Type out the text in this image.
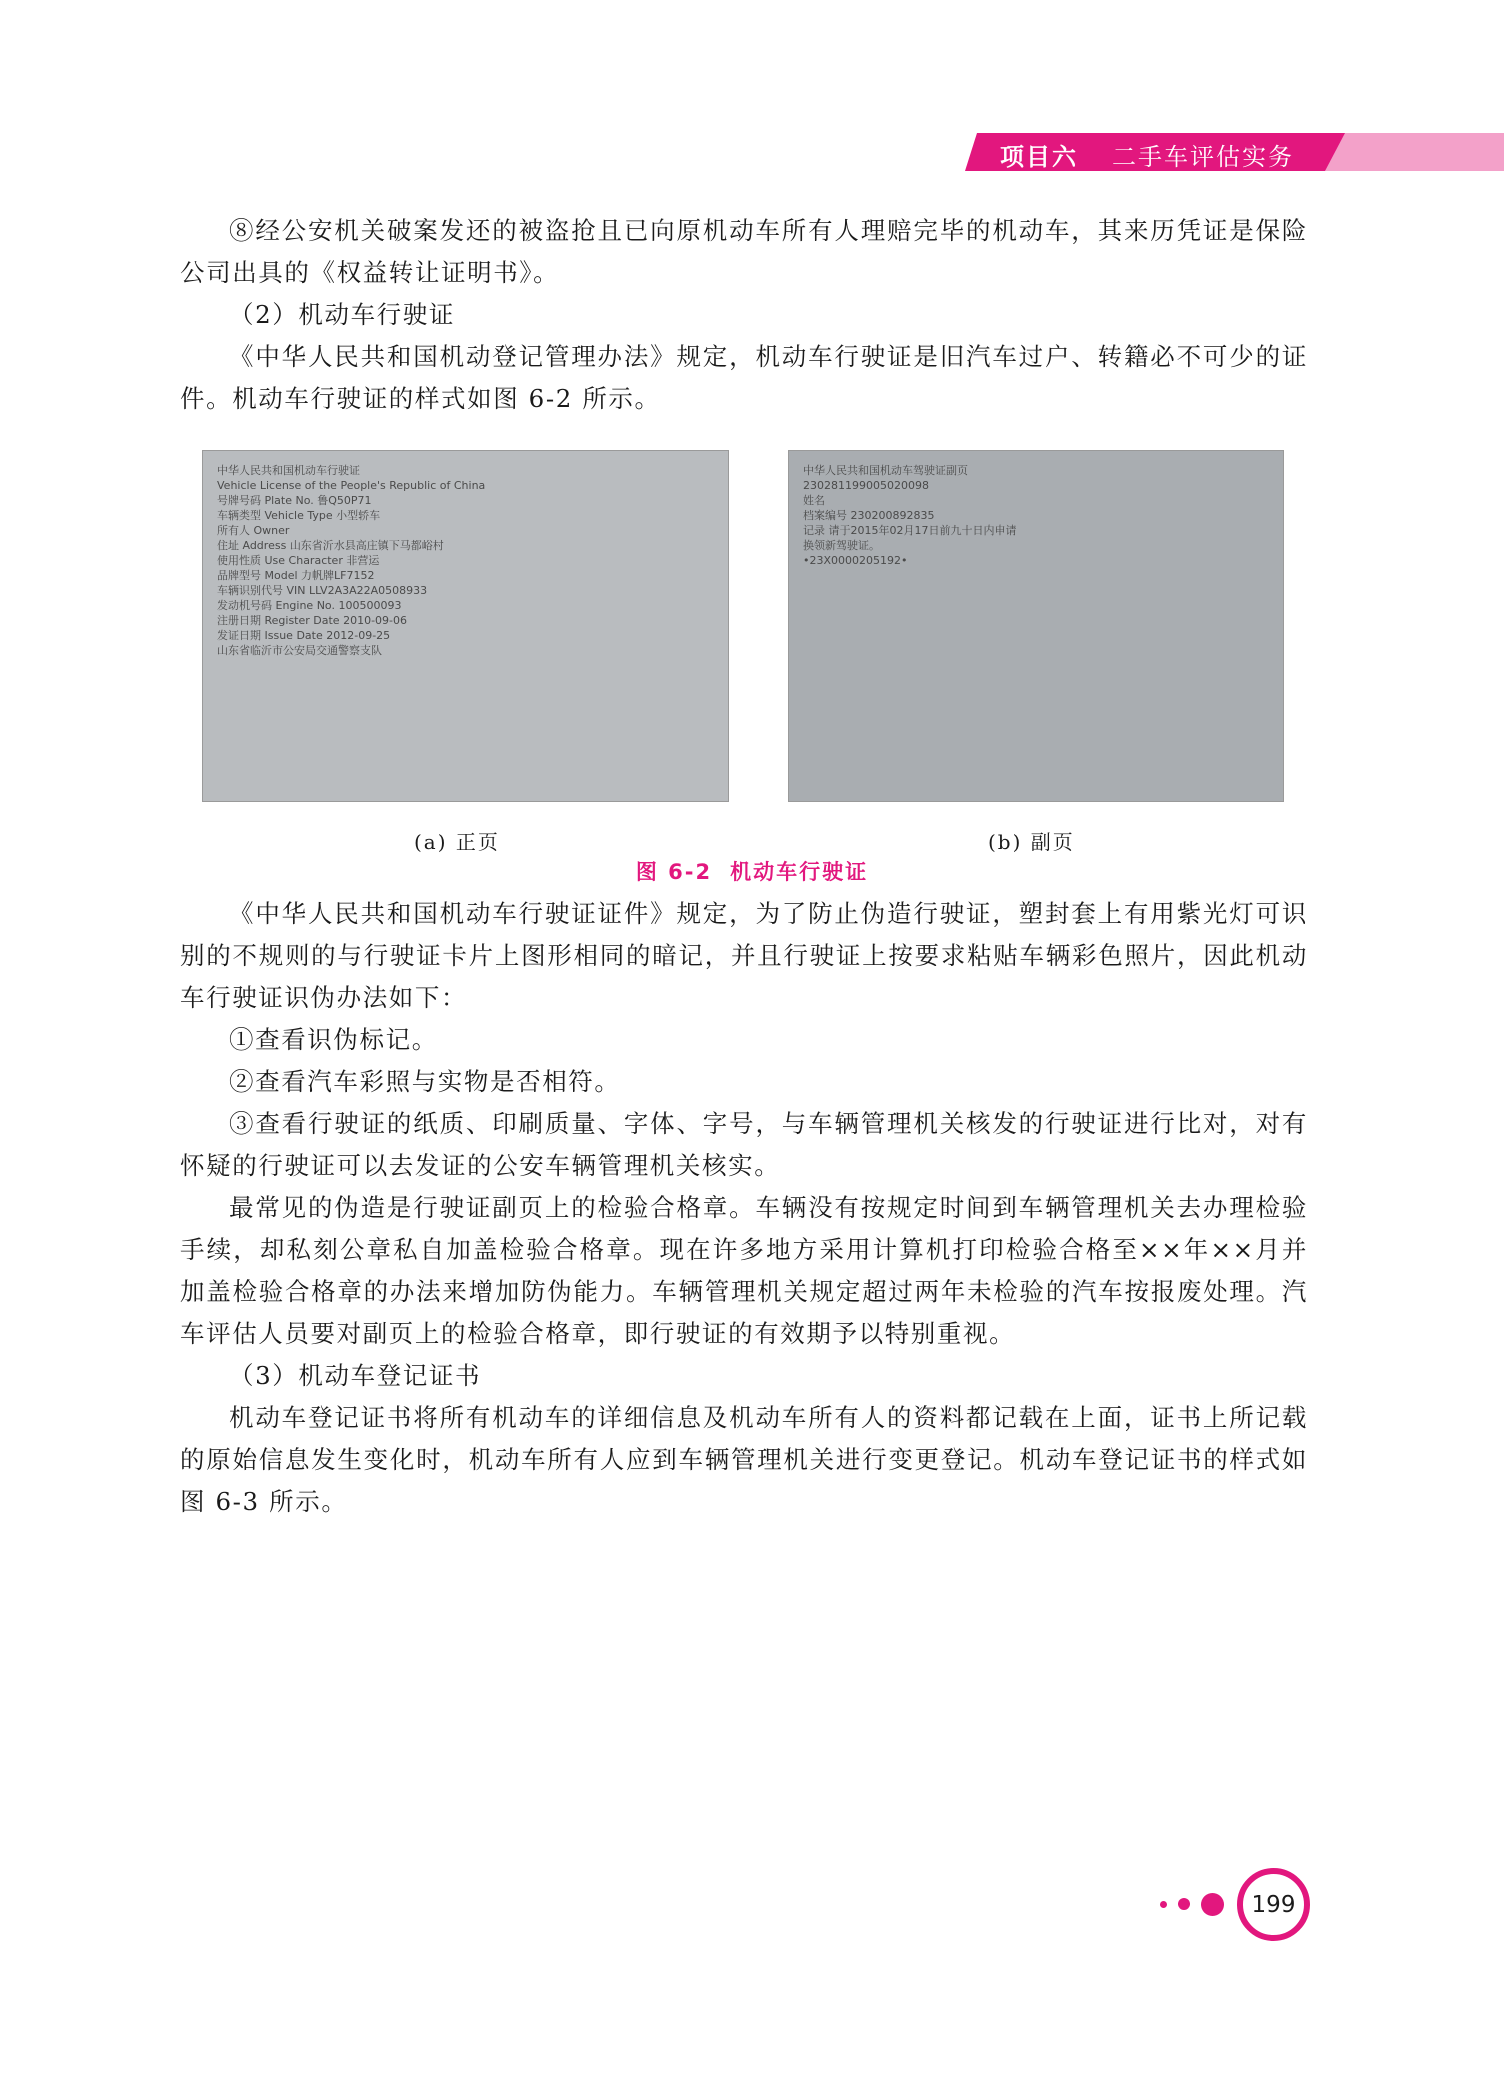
项目六 二手车评估实务

⑧经公安机关破案发还的被盗抢且已向原机动车所有人理赔完毕的机动车，其来历凭证是保险公司出具的《权益转让证明书》。

（2）机动车行驶证

《中华人民共和国机动登记管理办法》规定，机动车行驶证是旧汽车过户、转籍必不可少的证件。机动车行驶证的样式如图 6-2 所示。

中华人民共和国机动车行驶证
Vehicle License of the People's Republic of China
号牌号码 Plate No. 鲁Q50P71
车辆类型 Vehicle Type 小型轿车
所有人 Owner
住址 Address 山东省沂水县高庄镇下马都峪村
使用性质 Use Character 非营运
品牌型号 Model 力帆牌LF7152
车辆识别代号 VIN LLV2A3A22A0508933
发动机号码 Engine No. 100500093
注册日期 Register Date 2010-09-06
发证日期 Issue Date 2012-09-25
山东省临沂市公安局交通警察支队
中华人民共和国机动车驾驶证副页
230281199005020098
姓名
档案编号 230200892835
记录 请于2015年02月17日前九十日内申请
换领新驾驶证。
•23X0000205192•
(a) 正页	(b) 副页
图 6-2 机动车行驶证

《中华人民共和国机动车行驶证证件》规定，为了防止伪造行驶证，塑封套上有用紫光灯可识别的不规则的与行驶证卡片上图形相同的暗记，并且行驶证上按要求粘贴车辆彩色照片，因此机动车行驶证识伪办法如下：

①查看识伪标记。

②查看汽车彩照与实物是否相符。

③查看行驶证的纸质、印刷质量、字体、字号，与车辆管理机关核发的行驶证进行比对，对有怀疑的行驶证可以去发证的公安车辆管理机关核实。

最常见的伪造是行驶证副页上的检验合格章。车辆没有按规定时间到车辆管理机关去办理检验手续，却私刻公章私自加盖检验合格章。现在许多地方采用计算机打印检验合格至××年××月并加盖检验合格章的办法来增加防伪能力。车辆管理机关规定超过两年未检验的汽车按报废处理。汽车评估人员要对副页上的检验合格章，即行驶证的有效期予以特别重视。

（3）机动车登记证书

机动车登记证书将所有机动车的详细信息及机动车所有人的资料都记载在上面，证书上所记载的原始信息发生变化时，机动车所有人应到车辆管理机关进行变更登记。机动车登记证书的样式如图 6-3 所示。

199
